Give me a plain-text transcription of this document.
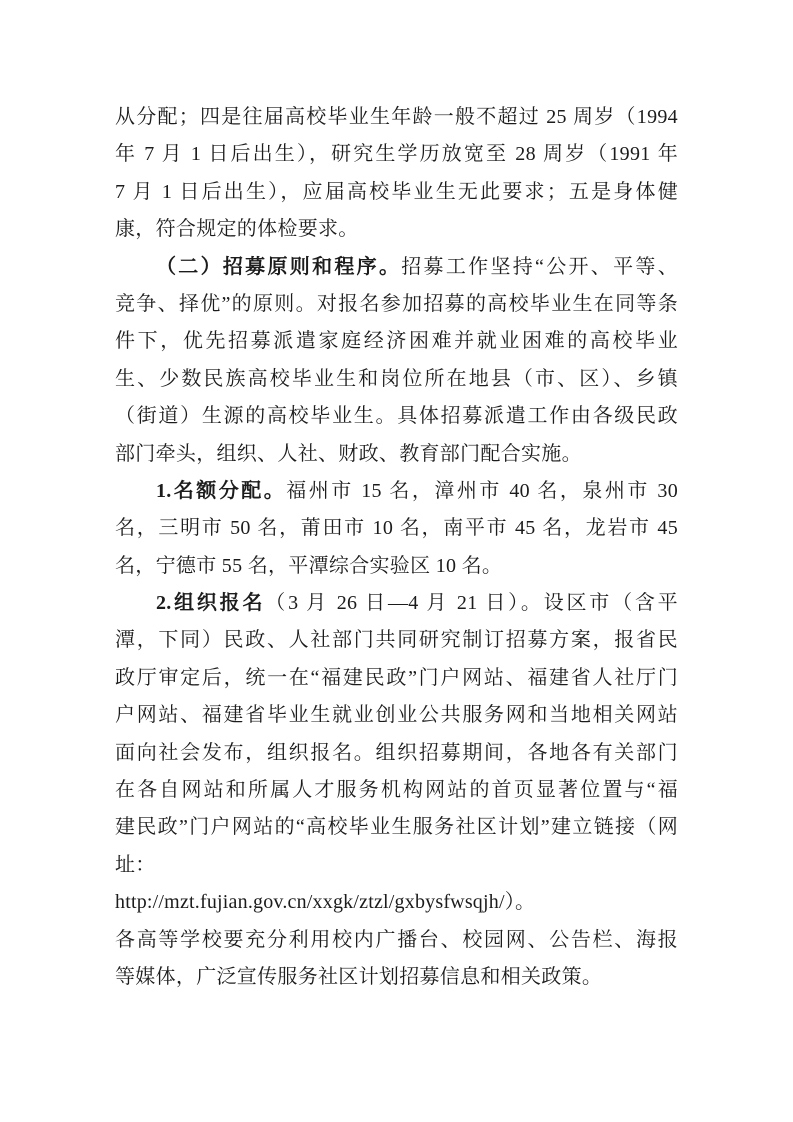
从分配；四是往届高校毕业生年龄一般不超过 25 周岁（1994
年 7 月 1 日后出生），研究生学历放宽至 28 周岁（1991 年
7 月 1 日后出生），应届高校毕业生无此要求；五是身体健
康，符合规定的体检要求。
（二）招募原则和程序。招募工作坚持“公开、平等、
竞争、择优”的原则。对报名参加招募的高校毕业生在同等条
件下，优先招募派遣家庭经济困难并就业困难的高校毕业
生、少数民族高校毕业生和岗位所在地县（市、区）、乡镇
（街道）生源的高校毕业生。具体招募派遣工作由各级民政
部门牵头，组织、人社、财政、教育部门配合实施。
1.名额分配。福州市 15 名，漳州市 40 名，泉州市 30
名，三明市 50 名，莆田市 10 名，南平市 45 名，龙岩市 45
名，宁德市 55 名，平潭综合实验区 10 名。
2.组织报名（3 月 26 日—4 月 21 日）。设区市（含平
潭，下同）民政、人社部门共同研究制订招募方案，报省民
政厅审定后，统一在“福建民政”门户网站、福建省人社厅门
户网站、福建省毕业生就业创业公共服务网和当地相关网站
面向社会发布，组织报名。组织招募期间，各地各有关部门
在各自网站和所属人才服务机构网站的首页显著位置与“福
建民政”门户网站的“高校毕业生服务社区计划”建立链接（网
址：
http://mzt.fujian.gov.cn/xxgk/ztzl/gxbysfwsqjh/）。
各高等学校要充分利用校内广播台、校园网、公告栏、海报
等媒体，广泛宣传服务社区计划招募信息和相关政策。
